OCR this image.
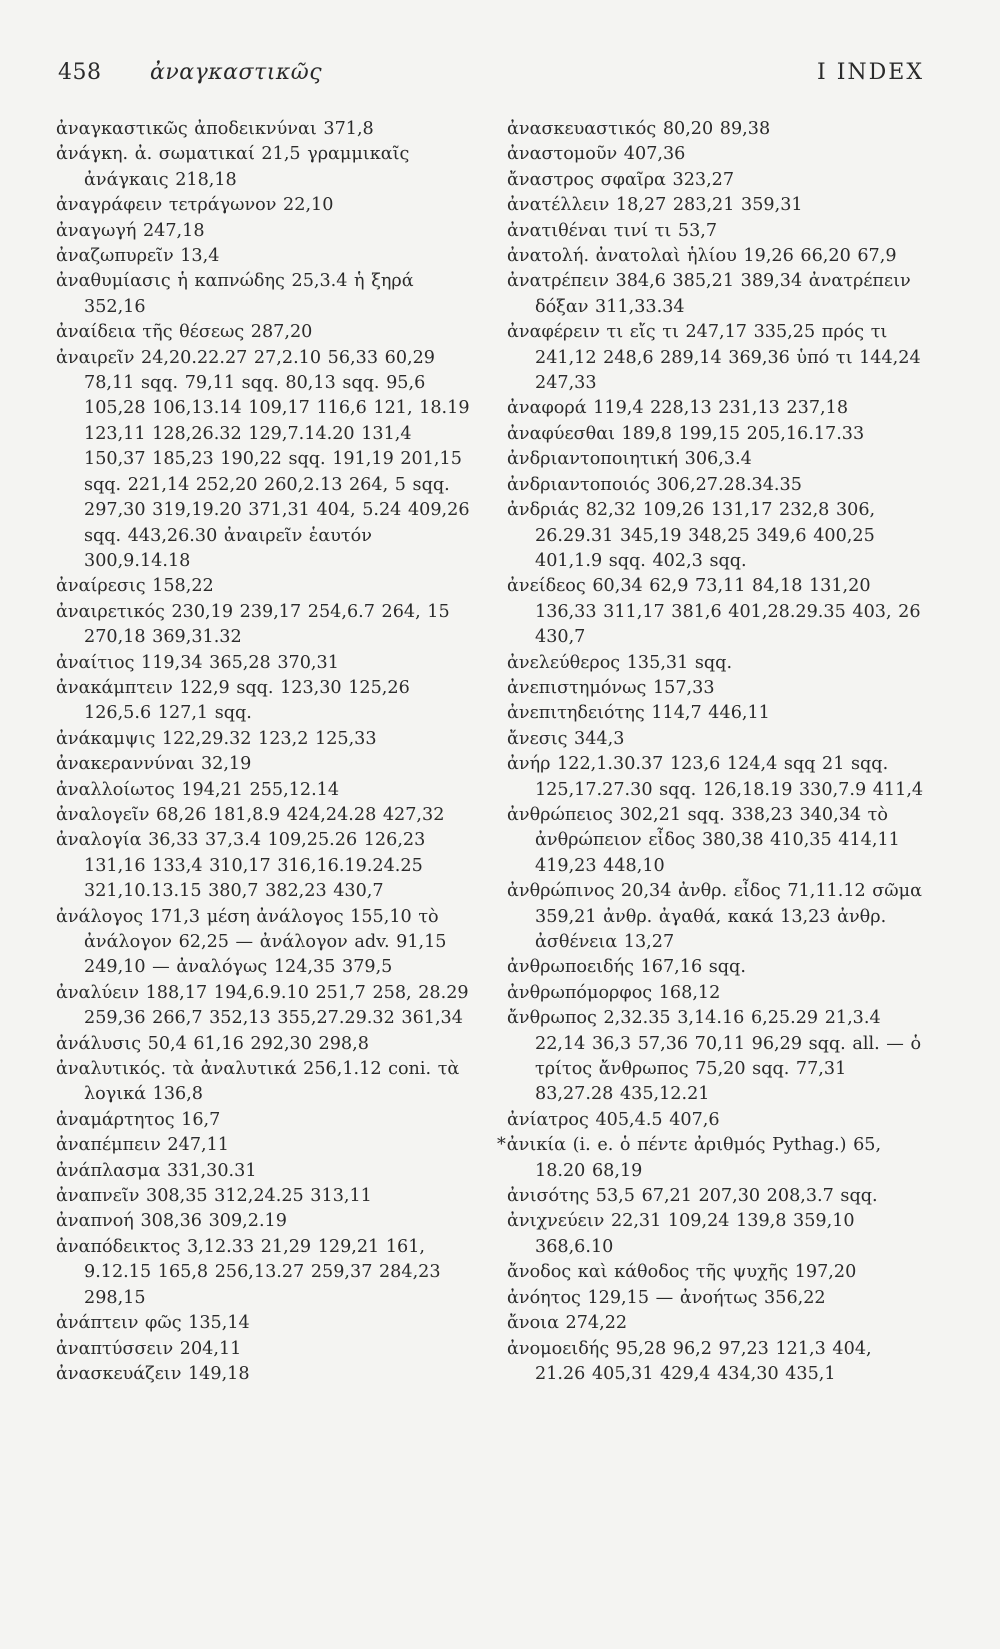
458 ἀναγκαστικῶς	I INDEX
ἀναγκαστικῶς ἀποδεικνύναι 371,8
ἀνάγκη. ἀ. σωματικαί 21,5 γραμμικαῖς ἀνάγκαις 218,18
ἀναγράφειν τετράγωνον 22,10
ἀναγωγή 247,18
ἀναζωπυρεῖν 13,4
ἀναθυμίασις ἡ καπνώδης 25,3.4 ἡ ξηρά 352,16
ἀναίδεια τῆς θέσεως 287,20
ἀναιρεῖν 24,20.22.27 27,2.10 56,33 60,29 78,11 sqq. 79,11 sqq. 80,13 sqq. 95,6 105,28 106,13.14 109,17 116,6 121, 18.19 123,11 128,26.32 129,7.14.20 131,4 150,37 185,23 190,22 sqq. 191,19 201,15 sqq. 221,14 252,20 260,2.13 264, 5 sqq. 297,30 319,19.20 371,31 404, 5.24 409,26 sqq. 443,26.30 ἀναιρεῖν ἑαυτόν 300,9.14.18
ἀναίρεσις 158,22
ἀναιρετικός 230,19 239,17 254,6.7 264, 15 270,18 369,31.32
ἀναίτιος 119,34 365,28 370,31
ἀνακάμπτειν 122,9 sqq. 123,30 125,26 126,5.6 127,1 sqq.
ἀνάκαμψις 122,29.32 123,2 125,33
ἀνακεραννύναι 32,19
ἀναλλοίωτος 194,21 255,12.14
ἀναλογεῖν 68,26 181,8.9 424,24.28 427,32
ἀναλογία 36,33 37,3.4 109,25.26 126,23 131,16 133,4 310,17 316,16.19.24.25 321,10.13.15 380,7 382,23 430,7
ἀνάλογος 171,3 μέση ἀνάλογος 155,10 τὸ ἀνάλογον 62,25 — ἀνάλογον adv. 91,15 249,10 — ἀναλόγως 124,35 379,5
ἀναλύειν 188,17 194,6.9.10 251,7 258, 28.29 259,36 266,7 352,13 355,27.29.32 361,34
ἀνάλυσις 50,4 61,16 292,30 298,8
ἀναλυτικός. τὰ ἀναλυτικά 256,1.12 coni. τὰ λογικά 136,8
ἀναμάρτητος 16,7
ἀναπέμπειν 247,11
ἀνάπλασμα 331,30.31
ἀναπνεῖν 308,35 312,24.25 313,11
ἀναπνοή 308,36 309,2.19
ἀναπόδεικτος 3,12.33 21,29 129,21 161, 9.12.15 165,8 256,13.27 259,37 284,23 298,15
ἀνάπτειν φῶς 135,14
ἀναπτύσσειν 204,11
ἀνασκευάζειν 149,18
ἀνασκευαστικός 80,20 89,38
ἀναστομοῦν 407,36
ἄναστρος σφαῖρα 323,27
ἀνατέλλειν 18,27 283,21 359,31
ἀνατιθέναι τινί τι 53,7
ἀνατολή. ἀνατολαὶ ἡλίου 19,26 66,20 67,9
ἀνατρέπειν 384,6 385,21 389,34 ἀνατρέπειν δόξαν 311,33.34
ἀναφέρειν τι εἴς τι 247,17 335,25 πρός τι 241,12 248,6 289,14 369,36 ὑπό τι 144,24 247,33
ἀναφορά 119,4 228,13 231,13 237,18
ἀναφύεσθαι 189,8 199,15 205,16.17.33
ἀνδριαντοποιητική 306,3.4
ἀνδριαντοποιός 306,27.28.34.35
ἀνδριάς 82,32 109,26 131,17 232,8 306, 26.29.31 345,19 348,25 349,6 400,25 401,1.9 sqq. 402,3 sqq.
ἀνείδεος 60,34 62,9 73,11 84,18 131,20 136,33 311,17 381,6 401,28.29.35 403, 26 430,7
ἀνελεύθερος 135,31 sqq.
ἀνεπιστημόνως 157,33
ἀνεπιτηδειότης 114,7 446,11
ἄνεσις 344,3
ἀνήρ 122,1.30.37 123,6 124,4 sqq 21 sqq. 125,17.27.30 sqq. 126,18.19 330,7.9 411,4
ἀνθρώπειος 302,21 sqq. 338,23 340,34 τὸ ἀνθρώπειον εἶδος 380,38 410,35 414,11 419,23 448,10
ἀνθρώπινος 20,34 ἀνθρ. εἶδος 71,11.12 σῶμα 359,21 ἀνθρ. ἀγαθά, κακά 13,23 ἀνθρ. ἀσθένεια 13,27
ἀνθρωποειδής 167,16 sqq.
ἀνθρωπόμορφος 168,12
ἄνθρωπος 2,32.35 3,14.16 6,25.29 21,3.4 22,14 36,3 57,36 70,11 96,29 sqq. all. — ὁ τρίτος ἄνθρωπος 75,20 sqq. 77,31 83,27.28 435,12.21
ἀνίατρος 405,4.5 407,6
*ἀνικία (i. e. ὁ πέντε ἀριθμός Pythag.) 65, 18.20 68,19
ἀνισότης 53,5 67,21 207,30 208,3.7 sqq.
ἀνιχνεύειν 22,31 109,24 139,8 359,10 368,6.10
ἄνοδος καὶ κάθοδος τῆς ψυχῆς 197,20
ἀνόητος 129,15 — ἀνοήτως 356,22
ἄνοια 274,22
ἀνομοειδής 95,28 96,2 97,23 121,3 404, 21.26 405,31 429,4 434,30 435,1
